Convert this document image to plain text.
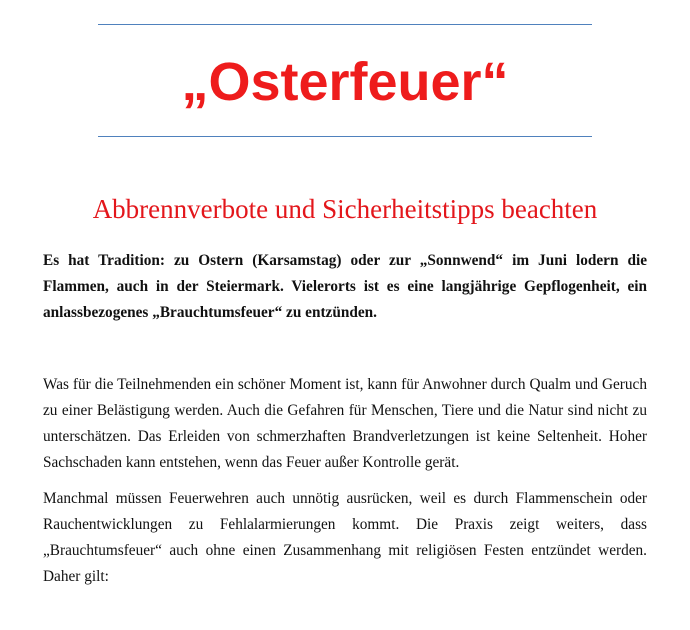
„Osterfeuer“
Abbrennverbote und Sicherheitstipps beachten

Es hat Tradition: zu Ostern (Karsamstag) oder zur „Sonnwend“ im Juni lodern die Flammen, auch in der Steiermark. Vielerorts ist es eine langjährige Gepflogenheit, ein anlassbezogenes „Brauchtumsfeuer“ zu entzünden.

Was für die Teilnehmenden ein schöner Moment ist, kann für Anwohner durch Qualm und Geruch zu einer Belästigung werden. Auch die Gefahren für Menschen, Tiere und die Natur sind nicht zu unterschätzen. Das Erleiden von schmerzhaften Brandverletzungen ist keine Seltenheit. Hoher Sachschaden kann entstehen, wenn das Feuer außer Kontrolle gerät.

Manchmal müssen Feuerwehren auch unnötig ausrücken, weil es durch Flammenschein oder Rauchentwicklungen zu Fehlalarmierungen kommt. Die Praxis zeigt weiters, dass „Brauchtumsfeuer“ auch ohne einen Zusammenhang mit religiösen Festen entzündet werden. Daher gilt:
